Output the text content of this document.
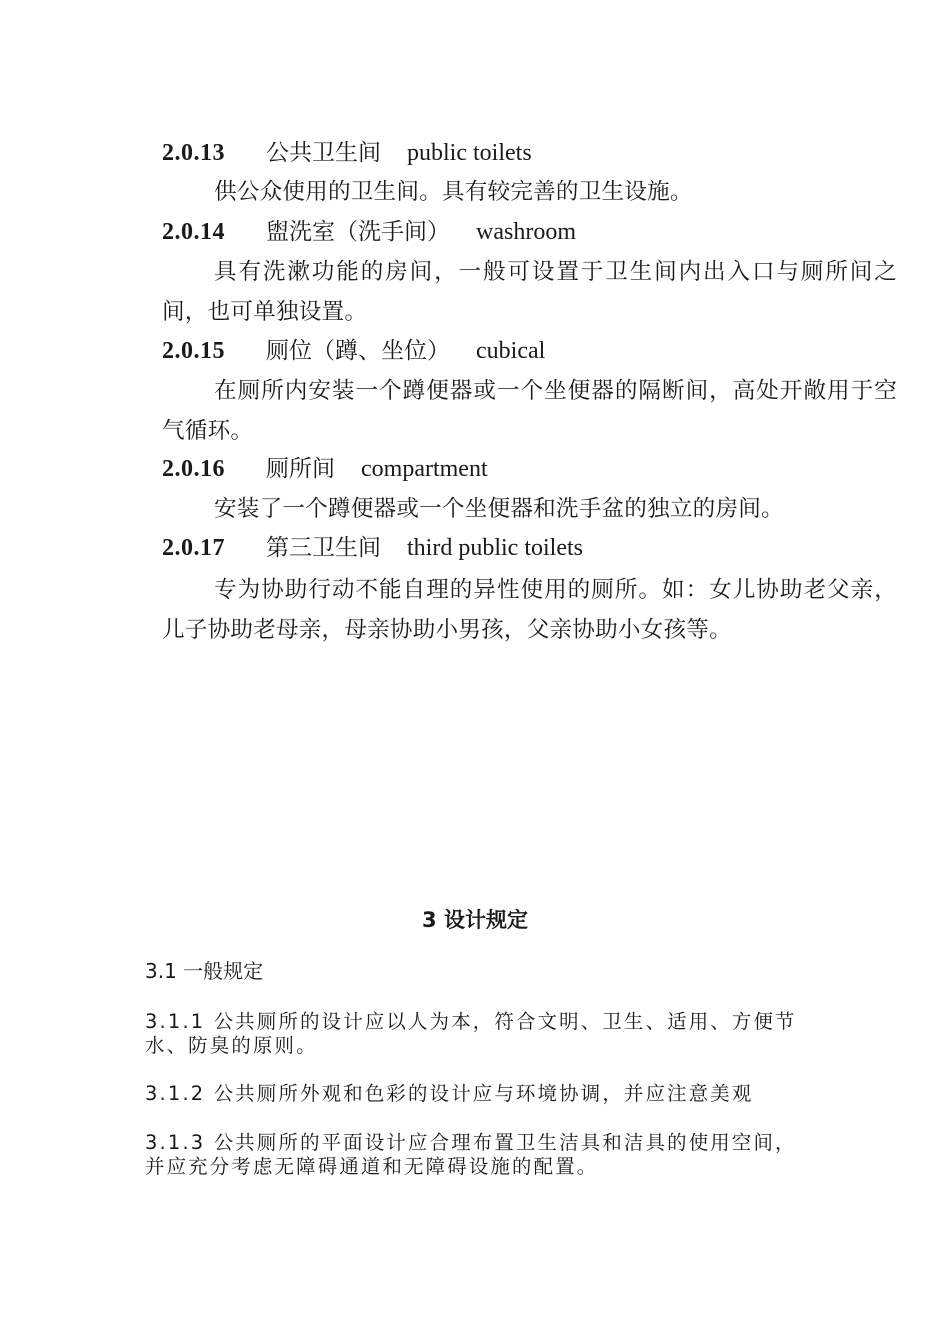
2.0.13 公共卫生间 public toilets
供公众使用的卫生间。具有较完善的卫生设施。
2.0.14 盥洗室（洗手间） washroom
具有洗漱功能的房间，一般可设置于卫生间内出入口与厕所间之间，也可单独设置。
2.0.15 厕位（蹲、坐位） cubical
在厕所内安装一个蹲便器或一个坐便器的隔断间，高处开敞用于空气循环。
2.0.16 厕所间 compartment
安装了一个蹲便器或一个坐便器和洗手盆的独立的房间。
2.0.17 第三卫生间 third public toilets
专为协助行动不能自理的异性使用的厕所。如：女儿协助老父亲，儿子协助老母亲，母亲协助小男孩，父亲协助小女孩等。
3 设计规定
3.1 一般规定
3.1.1 公共厕所的设计应以人为本，符合文明、卫生、适用、方便节水、防臭的原则。
3.1.2 公共厕所外观和色彩的设计应与环境协调，并应注意美观
3.1.3 公共厕所的平面设计应合理布置卫生洁具和洁具的使用空间，并应充分考虑无障碍通道和无障碍设施的配置。
